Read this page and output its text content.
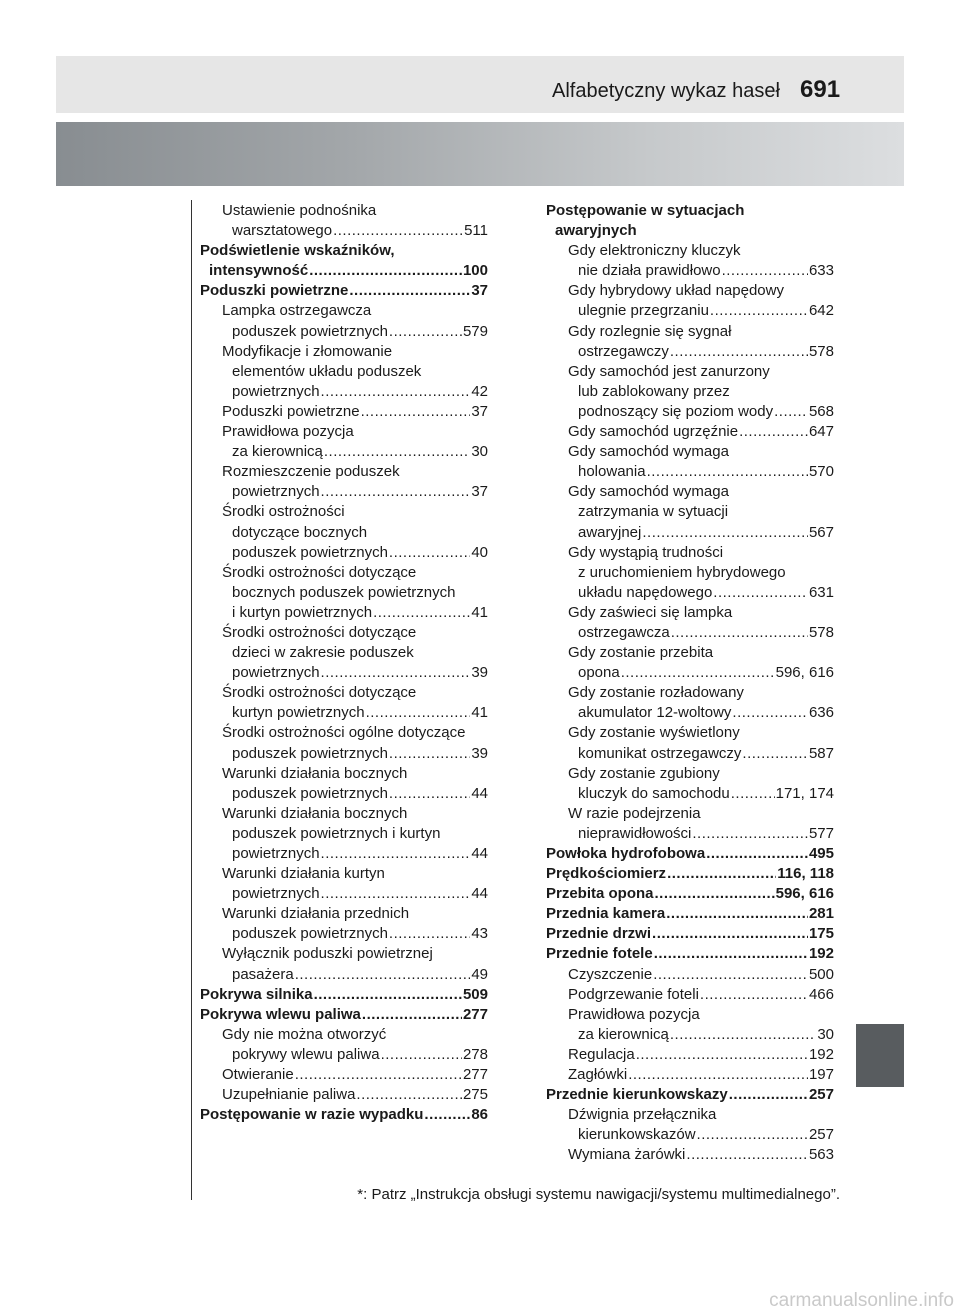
Alfabetyczny wykaz haseł 691
Ustawienie podnośnika
warsztatowego .....	511
Podświetlenie wskaźników,
intensywność .....	100
Poduszki powietrzne .....	37
Lampka ostrzegawcza
poduszek powietrznych .....	579
Modyfikacje i złomowanie
elementów układu poduszek
powietrznych .....	42
Poduszki powietrzne .....	37
Prawidłowa pozycja
za kierownicą .....	30
Rozmieszczenie poduszek
powietrznych .....	37
Środki ostrożności
dotyczące bocznych
poduszek powietrznych .....	40
Środki ostrożności dotyczące
bocznych poduszek powietrznych
i kurtyn powietrznych .....	41
Środki ostrożności dotyczące
dzieci w zakresie poduszek
powietrznych .....	39
Środki ostrożności dotyczące
kurtyn powietrznych .....	41
Środki ostrożności ogólne dotyczące
poduszek powietrznych .....	39
Warunki działania bocznych
poduszek powietrznych .....	44
Warunki działania bocznych
poduszek powietrznych i kurtyn
powietrznych .....	44
Warunki działania kurtyn
powietrznych .....	44
Warunki działania przednich
poduszek powietrznych .....	43
Wyłącznik poduszki powietrznej
pasażera .....	49
Pokrywa silnika .....	509
Pokrywa wlewu paliwa .....	277
Gdy nie można otworzyć
pokrywy wlewu paliwa .....	278
Otwieranie .....	277
Uzupełnianie paliwa .....	275
Postępowanie w razie wypadku .....	86
Postępowanie w sytuacjach
awaryjnych
Gdy elektroniczny kluczyk
nie działa prawidłowo .....	633
Gdy hybrydowy układ napędowy
ulegnie przegrzaniu .....	642
Gdy rozlegnie się sygnał
ostrzegawczy .....	578
Gdy samochód jest zanurzony
lub zablokowany przez
podnoszący się poziom wody ..... 568
Gdy samochód ugrzęźnie .....	647
Gdy samochód wymaga
holowania .....	570
Gdy samochód wymaga
zatrzymania w sytuacji
awaryjnej .....	567
Gdy wystąpią trudności
z uruchomieniem hybrydowego
układu napędowego .....	631
Gdy zaświeci się lampka
ostrzegawcza .....	578
Gdy zostanie przebita
opona .....	596, 616
Gdy zostanie rozładowany
akumulator 12-woltowy .....	636
Gdy zostanie wyświetlony
komunikat ostrzegawczy .....	587
Gdy zostanie zgubiony
kluczyk do samochodu .....	171, 174
W razie podejrzenia
nieprawidłowości .....	577
Powłoka hydrofobowa .....	495
Prędkościomierz .....	116, 118
Przebita opona .....	596, 616
Przednia kamera .....	281
Przednie drzwi .....	175
Przednie fotele .....	192
Czyszczenie .....	500
Podgrzewanie foteli .....	466
Prawidłowa pozycja
za kierownicą .....	30
Regulacja .....	192
Zagłówki .....	197
Przednie kierunkowskazy .....	257
Dźwignia przełącznika
kierunkowskazów .....	257
Wymiana żarówki .....	563
*: Patrz „Instrukcja obsługi systemu nawigacji/systemu multimedialnego”.
carmanualsonline.info
